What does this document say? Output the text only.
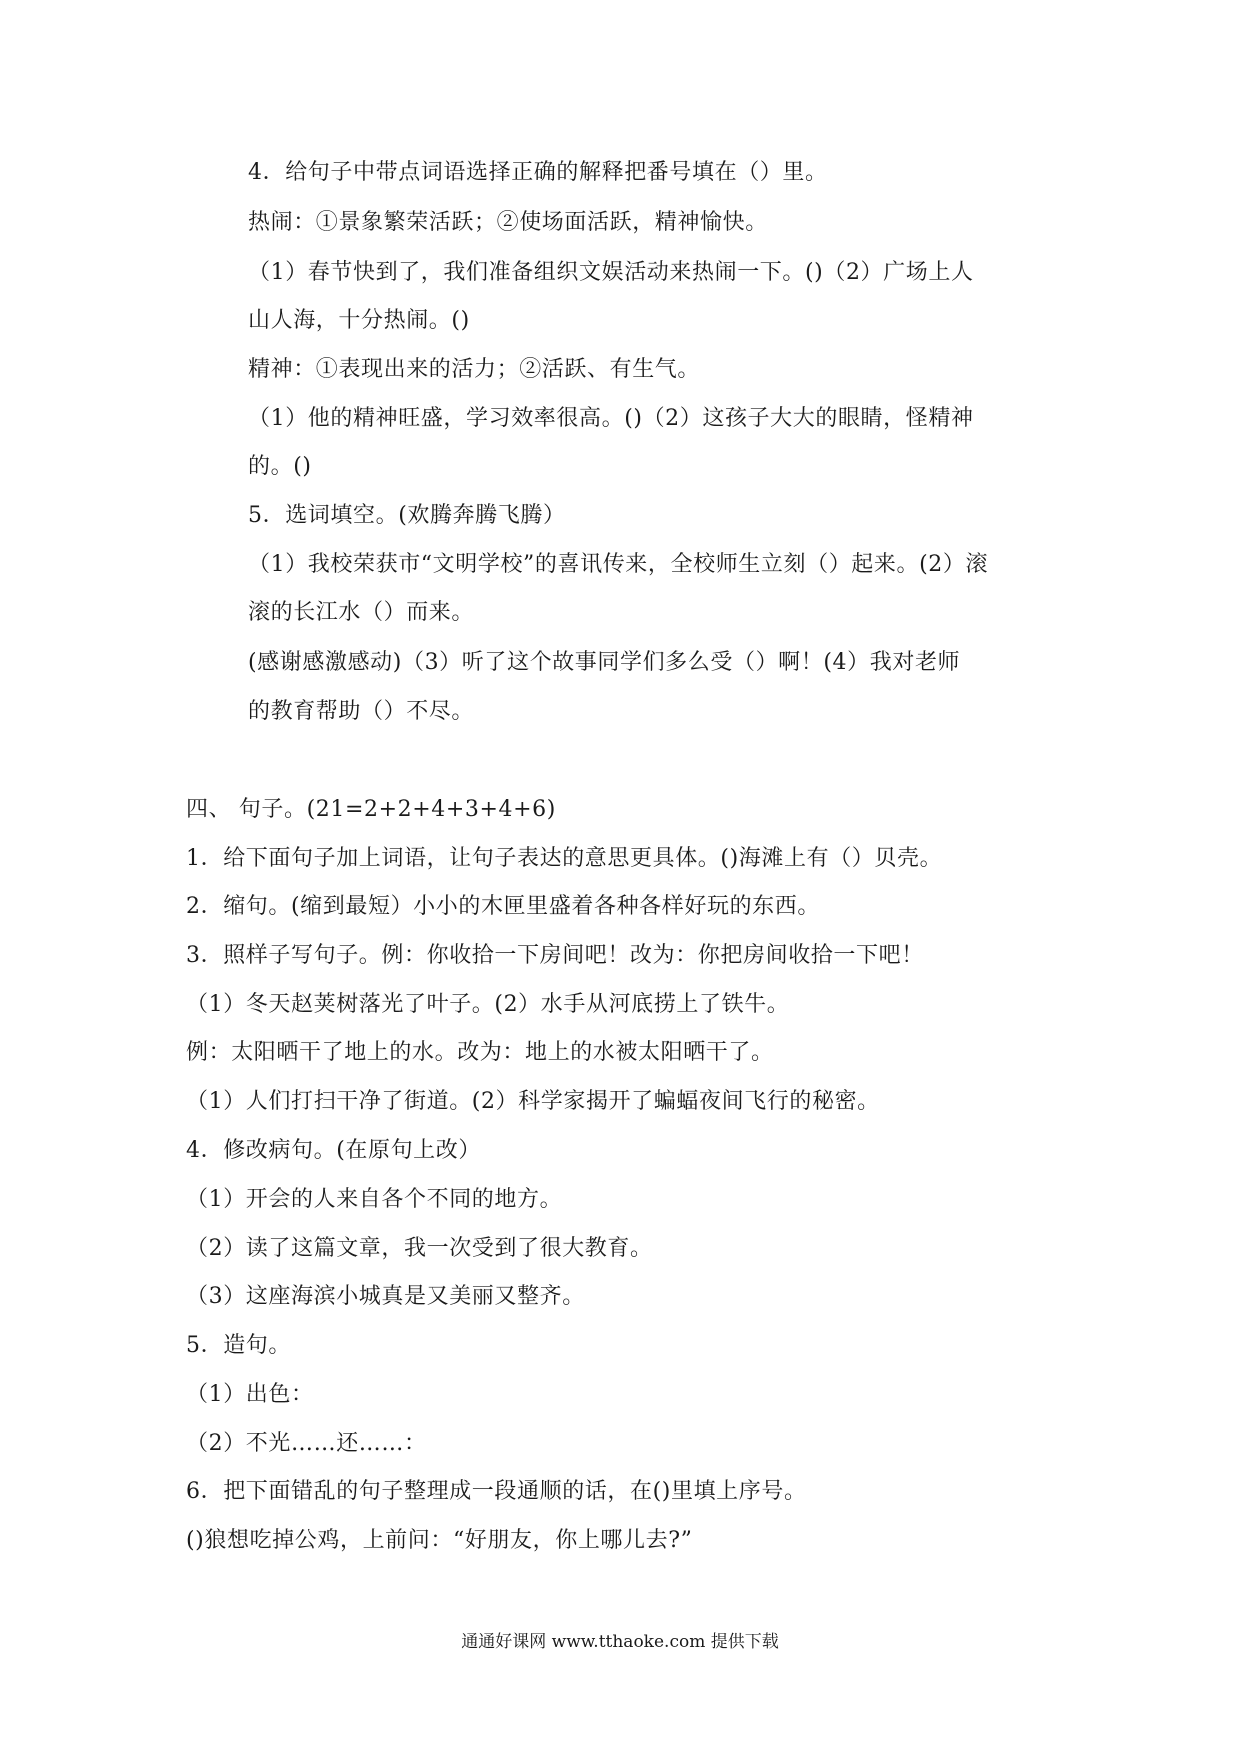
4．给句子中带点词语选择正确的解释把番号填在（）里。

热闹：①景象繁荣活跃；②使场面活跃，精神愉快。

（1）春节快到了，我们准备组织文娱活动来热闹一下。()（2）广场上人

山人海，十分热闹。()

精神：①表现出来的活力；②活跃、有生气。

（1）他的精神旺盛，学习效率很高。()（2）这孩子大大的眼睛，怪精神

的。()

5．选词填空。(欢腾奔腾飞腾）

（1）我校荣获市“文明学校”的喜讯传来，全校师生立刻（）起来。(2）滚

滚的长江水（）而来。

(感谢感激感动)（3）听了这个故事同学们多么受（）啊！(4）我对老师

的教育帮助（）不尽。

四、 句子。(21=2+2+4+3+4+6)

1．给下面句子加上词语，让句子表达的意思更具体。()海滩上有（）贝壳。

2．缩句。(缩到最短）小小的木匣里盛着各种各样好玩的东西。

3．照样子写句子。例：你收拾一下房间吧！改为：你把房间收拾一下吧！

（1）冬天赵荚树落光了叶子。(2）水手从河底捞上了铁牛。

例：太阳晒干了地上的水。改为：地上的水被太阳晒干了。

（1）人们打扫干净了街道。(2）科学家揭开了蝙蝠夜间飞行的秘密。

4．修改病句。(在原句上改）

（1）开会的人来自各个不同的地方。

（2）读了这篇文章，我一次受到了很大教育。

（3）这座海滨小城真是又美丽又整齐。

5．造句。

（1）出色：

（2）不光……还……：

6．把下面错乱的句子整理成一段通顺的话，在()里填上序号。

()狼想吃掉公鸡，上前问：“好朋友，你上哪儿去?”

通通好课网 www.tthaoke.com 提供下载
